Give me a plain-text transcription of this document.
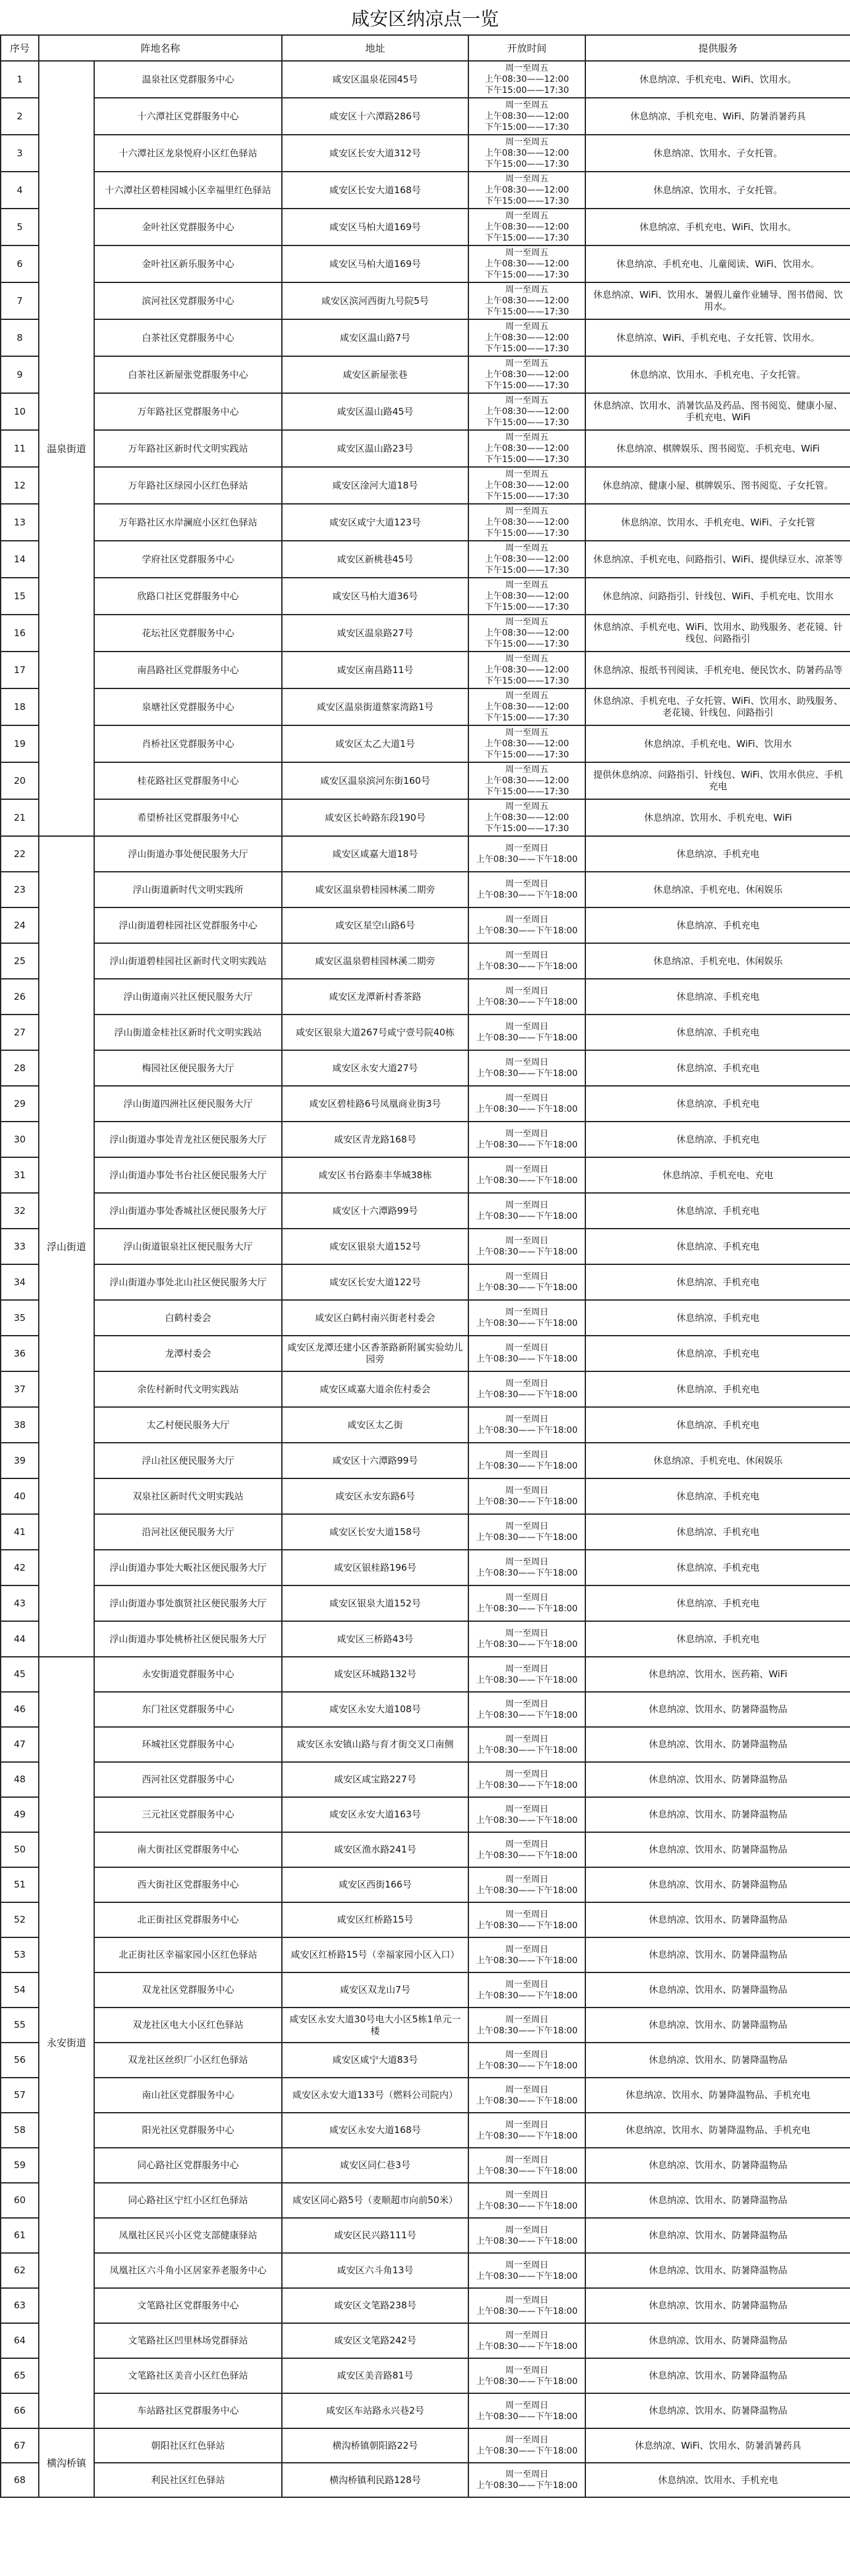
咸安区纳凉点一览
序号	阵地名称		地址	开放时间	提供服务
1	温泉街道	温泉社区党群服务中心	咸安区温泉花园45号	周一至周五
上午08:30——12:00
下午15:00——17:30	休息纳凉、手机充电、WiFi、饮用水。
2		十六潭社区党群服务中心	咸安区十六潭路286号	周一至周五
上午08:30——12:00
下午15:00——17:30	休息纳凉、手机充电、WiFi、防暑消暑药具
3		十六潭社区龙泉悦府小区红色驿站	咸安区长安大道312号	周一至周五
上午08:30——12:00
下午15:00——17:30	休息纳凉、饮用水、子女托管。
4		十六潭社区碧桂园城小区幸福里红色驿站	咸安区长安大道168号	周一至周五
上午08:30——12:00
下午15:00——17:30	休息纳凉、饮用水、子女托管。
5		金叶社区党群服务中心	咸安区马柏大道169号	周一至周五
上午08:30——12:00
下午15:00——17:30	休息纳凉、手机充电、WiFi、饮用水。
6		金叶社区新乐服务中心	咸安区马柏大道169号	周一至周五
上午08:30——12:00
下午15:00——17:30	休息纳凉、手机充电、儿童阅读、WiFi、饮用水。
7		滨河社区党群服务中心	咸安区滨河西街九号院5号	周一至周五
上午08:30——12:00
下午15:00——17:30	休息纳凉、WiFi、饮用水、暑假儿童作业辅导、图书借阅、饮用水。
8		白茶社区党群服务中心	咸安区温山路7号	周一至周五
上午08:30——12:00
下午15:00——17:30	休息纳凉、WiFi、手机充电、子女托管、饮用水。
9		白茶社区新屋张党群服务中心	咸安区新屋张巷	周一至周五
上午08:30——12:00
下午15:00——17:30	休息纳凉、饮用水、手机充电、子女托管。
10		万年路社区党群服务中心	咸安区温山路45号	周一至周五
上午08:30——12:00
下午15:00——17:30	休息纳凉、饮用水、消暑饮品及药品、图书阅览、健康小屋、手机充电、WiFi
11		万年路社区新时代文明实践站	咸安区温山路23号	周一至周五
上午08:30——12:00
下午15:00——17:30	休息纳凉、棋牌娱乐、图书阅览、手机充电、WiFi
12		万年路社区绿园小区红色驿站	咸安区淦河大道18号	周一至周五
上午08:30——12:00
下午15:00——17:30	休息纳凉、健康小屋、棋牌娱乐、图书阅览、子女托管。
13		万年路社区水岸澜庭小区红色驿站	咸安区咸宁大道123号	周一至周五
上午08:30——12:00
下午15:00——17:30	休息纳凉、饮用水、手机充电、WiFi、子女托管
14		学府社区党群服务中心	咸安区新桃巷45号	周一至周五
上午08:30——12:00
下午15:00——17:30	休息纳凉、手机充电、问路指引、WiFi、提供绿豆水、凉茶等
15		欣路口社区党群服务中心	咸安区马柏大道36号	周一至周五
上午08:30——12:00
下午15:00——17:30	休息纳凉、问路指引、针线包、WiFi、手机充电、饮用水
16		花坛社区党群服务中心	咸安区温泉路27号	周一至周五
上午08:30——12:00
下午15:00——17:30	休息纳凉、手机充电、WiFi、饮用水、助残服务、老花镜、针线包、问路指引
17		南昌路社区党群服务中心	咸安区南昌路11号	周一至周五
上午08:30——12:00
下午15:00——17:30	休息纳凉、报纸书刊阅读、手机充电、便民饮水、防暑药品等
18		泉塘社区党群服务中心	咸安区温泉街道蔡家湾路1号	周一至周五
上午08:30——12:00
下午15:00——17:30	休息纳凉、手机充电、子女托管、WiFi、饮用水、助残服务、老花镜、针线包、问路指引
19		肖桥社区党群服务中心	咸安区太乙大道1号	周一至周五
上午08:30——12:00
下午15:00——17:30	休息纳凉、手机充电、WiFi、饮用水
20		桂花路社区党群服务中心	咸安区温泉滨河东街160号	周一至周五
上午08:30——12:00
下午15:00——17:30	提供休息纳凉、问路指引、针线包、WiFi、饮用水供应、手机充电
21		希望桥社区党群服务中心	咸安区长岭路东段190号	周一至周五
上午08:30——12:00
下午15:00——17:30	休息纳凉、饮用水、手机充电、WiFi
22	浮山街道	浮山街道办事处便民服务大厅	咸安区咸嘉大道18号	周一至周日
上午08:30——下午18:00	休息纳凉、手机充电
23		浮山街道新时代文明实践所	咸安区温泉碧桂园林溪二期旁	周一至周日
上午08:30——下午18:00	休息纳凉、手机充电、休闲娱乐
24		浮山街道碧桂园社区党群服务中心	咸安区星空山路6号	周一至周日
上午08:30——下午18:00	休息纳凉、手机充电
25		浮山街道碧桂园社区新时代文明实践站	咸安区温泉碧桂园林溪二期旁	周一至周日
上午08:30——下午18:00	休息纳凉、手机充电、休闲娱乐
26		浮山街道南兴社区便民服务大厅	咸安区龙潭新村香茶路	周一至周日
上午08:30——下午18:00	休息纳凉、手机充电
27		浮山街道金桂社区新时代文明实践站	咸安区银泉大道267号咸宁壹号院40栋	周一至周日
上午08:30——下午18:00	休息纳凉、手机充电
28		梅园社区便民服务大厅	咸安区永安大道27号	周一至周日
上午08:30——下午18:00	休息纳凉、手机充电
29		浮山街道四洲社区便民服务大厅	咸安区碧桂路6号凤凰商业街3号	周一至周日
上午08:30——下午18:00	休息纳凉、手机充电
30		浮山街道办事处青龙社区便民服务大厅	咸安区青龙路168号	周一至周日
上午08:30——下午18:00	休息纳凉、手机充电
31		浮山街道办事处书台社区便民服务大厅	咸安区书台路泰丰华城38栋	周一至周日
上午08:30——下午18:00	休息纳凉、手机充电、充电
32		浮山街道办事处香城社区便民服务大厅	咸安区十六潭路99号	周一至周日
上午08:30——下午18:00	休息纳凉、手机充电
33		浮山街道银泉社区便民服务大厅	咸安区银泉大道152号	周一至周日
上午08:30——下午18:00	休息纳凉、手机充电
34		浮山街道办事处北山社区便民服务大厅	咸安区长安大道122号	周一至周日
上午08:30——下午18:00	休息纳凉、手机充电
35		白鹤村委会	咸安区白鹤村南兴街老村委会	周一至周日
上午08:30——下午18:00	休息纳凉、手机充电
36		龙潭村委会	咸安区龙潭还建小区香茶路新附属实验幼儿园旁	周一至周日
上午08:30——下午18:00	休息纳凉、手机充电
37		余佐村新时代文明实践站	咸安区咸嘉大道余佐村委会	周一至周日
上午08:30——下午18:00	休息纳凉、手机充电
38		太乙村便民服务大厅	咸安区太乙街	周一至周日
上午08:30——下午18:00	休息纳凉、手机充电
39		浮山社区便民服务大厅	咸安区十六潭路99号	周一至周日
上午08:30——下午18:00	休息纳凉、手机充电、休闲娱乐
40		双泉社区新时代文明实践站	咸安区永安东路6号	周一至周日
上午08:30——下午18:00	休息纳凉、手机充电
41		沿河社区便民服务大厅	咸安区长安大道158号	周一至周日
上午08:30——下午18:00	休息纳凉、手机充电
42		浮山街道办事处大畈社区便民服务大厅	咸安区银桂路196号	周一至周日
上午08:30——下午18:00	休息纳凉、手机充电
43		浮山街道办事处旗贤社区便民服务大厅	咸安区银泉大道152号	周一至周日
上午08:30——下午18:00	休息纳凉、手机充电
44		浮山街道办事处桃桥社区便民服务大厅	咸安区三桥路43号	周一至周日
上午08:30——下午18:00	休息纳凉、手机充电
45	永安街道	永安街道党群服务中心	咸安区环城路132号	周一至周日
上午08:30——下午18:00	休息纳凉、饮用水、医药箱、WiFi
46		东门社区党群服务中心	咸安区永安大道108号	周一至周日
上午08:30——下午18:00	休息纳凉、饮用水、防暑降温物品
47		环城社区党群服务中心	咸安区永安镇山路与育才街交叉口南侧	周一至周日
上午08:30——下午18:00	休息纳凉、饮用水、防暑降温物品
48		西河社区党群服务中心	咸安区咸宝路227号	周一至周日
上午08:30——下午18:00	休息纳凉、饮用水、防暑降温物品
49		三元社区党群服务中心	咸安区永安大道163号	周一至周日
上午08:30——下午18:00	休息纳凉、饮用水、防暑降温物品
50		南大街社区党群服务中心	咸安区渔水路241号	周一至周日
上午08:30——下午18:00	休息纳凉、饮用水、防暑降温物品
51		西大街社区党群服务中心	咸安区西街166号	周一至周日
上午08:30——下午18:00	休息纳凉、饮用水、防暑降温物品
52		北正街社区党群服务中心	咸安区红桥路15号	周一至周日
上午08:30——下午18:00	休息纳凉、饮用水、防暑降温物品
53		北正街社区幸福家园小区红色驿站	咸安区红桥路15号（幸福家园小区入口）	周一至周日
上午08:30——下午18:00	休息纳凉、饮用水、防暑降温物品
54		双龙社区党群服务中心	咸安区双龙山7号	周一至周日
上午08:30——下午18:00	休息纳凉、饮用水、防暑降温物品
55		双龙社区电大小区红色驿站	咸安区永安大道30号电大小区5栋1单元一楼	周一至周日
上午08:30——下午18:00	休息纳凉、饮用水、防暑降温物品
56		双龙社区丝织厂小区红色驿站	咸安区咸宁大道83号	周一至周日
上午08:30——下午18:00	休息纳凉、饮用水、防暑降温物品
57		南山社区党群服务中心	咸安区永安大道133号（燃料公司院内）	周一至周日
上午08:30——下午18:00	休息纳凉、饮用水、防暑降温物品、手机充电
58		阳光社区党群服务中心	咸安区永安大道168号	周一至周日
上午08:30——下午18:00	休息纳凉、饮用水、防暑降温物品、手机充电
59		同心路社区党群服务中心	咸安区同仁巷3号	周一至周日
上午08:30——下午18:00	休息纳凉、饮用水、防暑降温物品
60		同心路社区宁红小区红色驿站	咸安区同心路5号（麦顺超市向前50米）	周一至周日
上午08:30——下午18:00	休息纳凉、饮用水、防暑降温物品
61		凤凰社区民兴小区党支部健康驿站	咸安区民兴路111号	周一至周日
上午08:30——下午18:00	休息纳凉、饮用水、防暑降温物品
62		凤凰社区六斗角小区居家养老服务中心	咸安区六斗角13号	周一至周日
上午08:30——下午18:00	休息纳凉、饮用水、防暑降温物品
63		文笔路社区党群服务中心	咸安区文笔路238号	周一至周日
上午08:30——下午18:00	休息纳凉、饮用水、防暑降温物品
64		文笔路社区凹里林场党群驿站	咸安区文笔路242号	周一至周日
上午08:30——下午18:00	休息纳凉、饮用水、防暑降温物品
65		文笔路社区美音小区红色驿站	咸安区美音路81号	周一至周日
上午08:30——下午18:00	休息纳凉、饮用水、防暑降温物品
66		车站路社区党群服务中心	咸安区车站路永兴巷2号	周一至周日
上午08:30——下午18:00	休息纳凉、饮用水、防暑降温物品
67	横沟桥镇	朝阳社区红色驿站	横沟桥镇朝阳路22号	周一至周日
上午08:30——下午18:00	休息纳凉、WiFi、饮用水、防暑消暑药具
68		利民社区红色驿站	横沟桥镇利民路128号	周一至周日
上午08:30——下午18:00	休息纳凉、饮用水、手机充电
